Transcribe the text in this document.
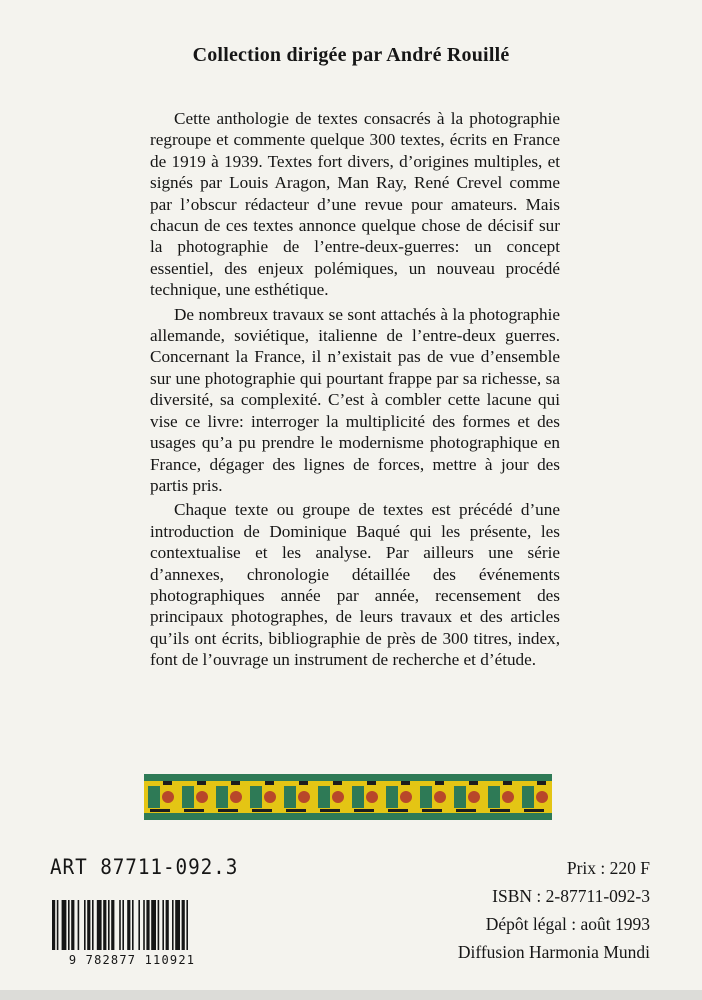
Collection dirigée par André Rouillé

Cette anthologie de textes consacrés à la photographie regroupe et commente quelque 300 textes, écrits en France de 1919 à 1939. Textes fort divers, d’origines multiples, et signés par Louis Aragon, Man Ray, René Crevel comme par l’obscur rédacteur d’une revue pour amateurs. Mais chacun de ces textes annonce quelque chose de décisif sur la photographie de l’entre-deux-guerres: un concept essentiel, des enjeux polémiques, un nouveau procédé technique, une esthétique.

De nombreux travaux se sont attachés à la photographie allemande, soviétique, italienne de l’entre-deux guerres. Concernant la France, il n’existait pas de vue d’ensemble sur une photographie qui pourtant frappe par sa richesse, sa diversité, sa complexité. C’est à combler cette lacune qui vise ce livre: interroger la multiplicité des formes et des usages qu’a pu prendre le modernisme photographique en France, dégager des lignes de forces, mettre à jour des partis pris.

Chaque texte ou groupe de textes est précédé d’une introduction de Dominique Baqué qui les présente, les contextualise et les analyse. Par ailleurs une série d’annexes, chronologie détaillée des événements photographiques année par année, recensement des principaux photographes, de leurs travaux et des articles qu’ils ont écrits, bibliographie de près de 300 titres, index, font de l’ouvrage un instrument de recherche et d’étude.

ART 87711-092.3
9 782877 110921
Prix : 220 F
ISBN : 2-87711-092-3
Dépôt légal : août 1993
Diffusion Harmonia Mundi
